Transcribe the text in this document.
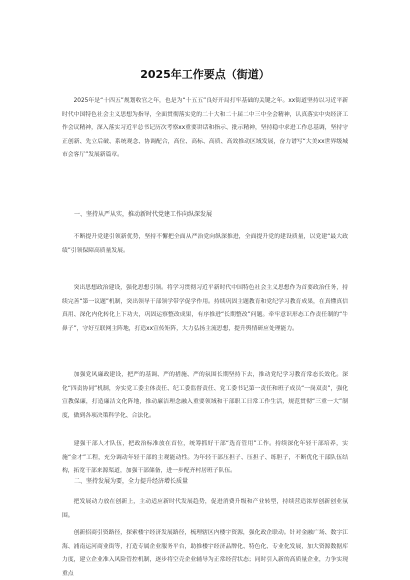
2025年工作要点（街道）
2025年是“十四五”规划收官之年，也是为“十五五”良好开局打牢基础的关键之年。xx街道坚持以习近平新时代中国特色社会主义思想为指导，全面贯彻落实党的二十大和二十届二中三中全会精神，认真落实中央经济工作会议精神，深入落实习近平总书记历次考察xx重要讲话和指示、批示精神，坚持稳中求进工作总基调，坚持守正创新、先立后破、系统观念、协调配合，高位、高标、高质、高效推动区域发展，奋力谱写“大美xx世界级城市会客厅”发展新篇章。
一、坚持从严从实，推动新时代党建工作向纵深发展
不断提升党建引领新优势，坚持不懈把全面从严治党向纵深推进，全面提升党的建设质量，以党建“最大政绩”引领保障高质量发展。
突出思想政治建设，强化思想引领。将学习贯彻习近平新时代中国特色社会主义思想作为首要政治任务，持续完善“第一议题”机制，突出领导干部领学带学促学作用。持续巩固主题教育和党纪学习教育成果，在真懂真信真用、深化内化转化上下功夫，巩固运察整改成果，有序推进“长期整改”问题。牵牢意识形态工作责任制的“牛鼻子”，守好互联网主阵地，打造xx宣传矩阵，大力弘扬主流思想，提升舆情研应处理能力。
加强党风廉政建设，把严的基调、严的措施、严的氛围长期坚持下去，推动党纪学习教育常态长效化。深化“四责协同”机制，夯实党工委主体责任、纪工委监督责任、党工委书记第一责任和班子成员“一岗双责”，强化宣教保廉，打造廉洁文化阵地，推动廉洁理念融入重要领域和干部职工日常工作生活，规范贯彻“三重一大”制度，做到各项决策科学化、合法化。
建强干部人才队伍，把政治标准放在首位，统筹抓好干部“选育管用”工作。持续深化年轻干部培养，实施“金才”工程，充分调动年轻干部的主观能动性。为年轻干部压担子、压担子、练胆子，不断优化干部队伍结构，拓宽干部来源渠道，加强干部储备，进一步配齐村居班子队伍。
二、坚持发展为要，全力提升经济增长质量
把发展动力放在创新上，主动适应新时代发展趋势，促进消费升级和产业转型，持续营造浓厚创新创业氛围。
创新招商引资路径，探索楼宇经济发展路径，梳理辖区内楼宇资源，强化政企联动。针对金融广场、数字江海、浦南运河商业街等，打造专属企业服务平台，助推楼宇经济品牌化、特色化、专业化发展，加大资源数据库力度，建立企业准入风险管控机制，逐步将空壳企业辅导为正常经营状态；同时引入新的高质量企业，力争实现重点
